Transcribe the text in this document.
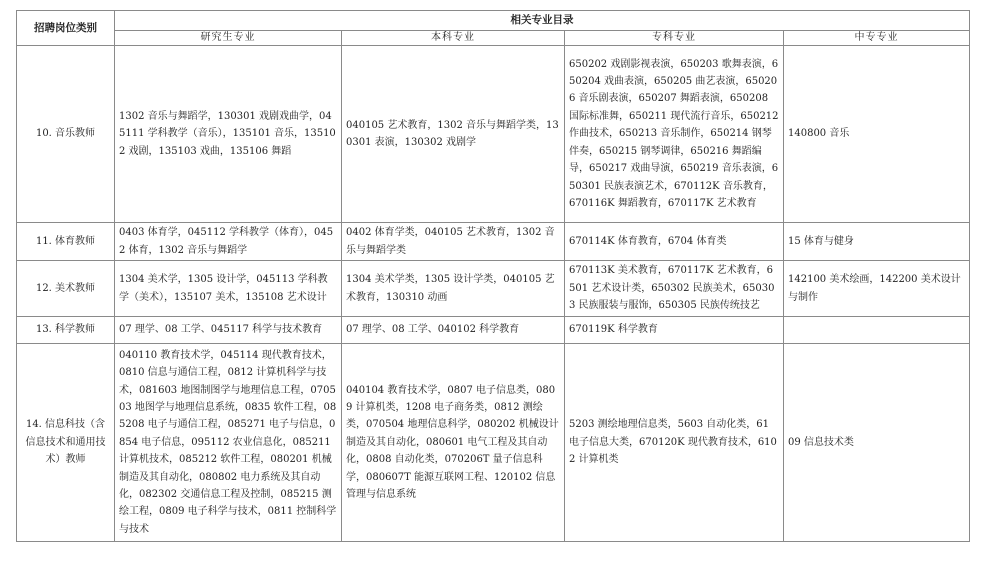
招聘岗位类别	相关专业目录			
	研究生专业	本科专业	专科专业	中专专业
10. 音乐教师	1302 音乐与舞蹈学，130301 戏剧戏曲学，045111 学科教学（音乐），135101 音乐，135102 戏剧，135103 戏曲，135106 舞蹈	040105 艺术教育，1302 音乐与舞蹈学类，130301 表演，130302 戏剧学	650202 戏剧影视表演，650203 歌舞表演，650204 戏曲表演，650205 曲艺表演，650206 音乐剧表演，650207 舞蹈表演，650208 国际标准舞，650211 现代流行音乐，650212 作曲技术，650213 音乐制作，650214 钢琴伴奏，650215 钢琴调律，650216 舞蹈编导，650217 戏曲导演，650219 音乐表演，650301 民族表演艺术，670112K 音乐教育，670116K 舞蹈教育，670117K 艺术教育	140800 音乐
11. 体育教师	0403 体育学，045112 学科教学（体育），0452 体育，1302 音乐与舞蹈学	0402 体育学类，040105 艺术教育，1302 音乐与舞蹈学类	670114K 体育教育，6704 体育类	15 体育与健身
12. 美术教师	1304 美术学，1305 设计学，045113 学科教学（美术），135107 美术，135108 艺术设计	1304 美术学类，1305 设计学类，040105 艺术教育，130310 动画	670113K 美术教育，670117K 艺术教育，6501 艺术设计类，650302 民族美术，650303 民族服装与服饰，650305 民族传统技艺	142100 美术绘画，142200 美术设计与制作
13. 科学教师	07 理学、08 工学、045117 科学与技术教育	07 理学、08 工学、040102 科学教育	670119K 科学教育	
14. 信息科技（含信息技术和通用技术）教师	040110 教育技术学，045114 现代教育技术，0810 信息与通信工程，0812 计算机科学与技术，081603 地图制图学与地理信息工程，070503 地图学与地理信息系统，0835 软件工程，085208 电子与通信工程，085271 电子与信息，0854 电子信息，095112 农业信息化，085211 计算机技术，085212 软件工程，080201 机械制造及其自动化，080802 电力系统及其自动化，082302 交通信息工程及控制，085215 测绘工程，0809 电子科学与技术，0811 控制科学与技术	040104 教育技术学，0807 电子信息类，0809 计算机类，1208 电子商务类，0812 测绘类，070504 地理信息科学，080202 机械设计制造及其自动化，080601 电气工程及其自动化，0808 自动化类，070206T 量子信息科学，080607T 能源互联网工程、120102 信息管理与信息系统	5203 测绘地理信息类，5603 自动化类，61 电子信息大类，670120K 现代教育技术，6102 计算机类	09 信息技术类
